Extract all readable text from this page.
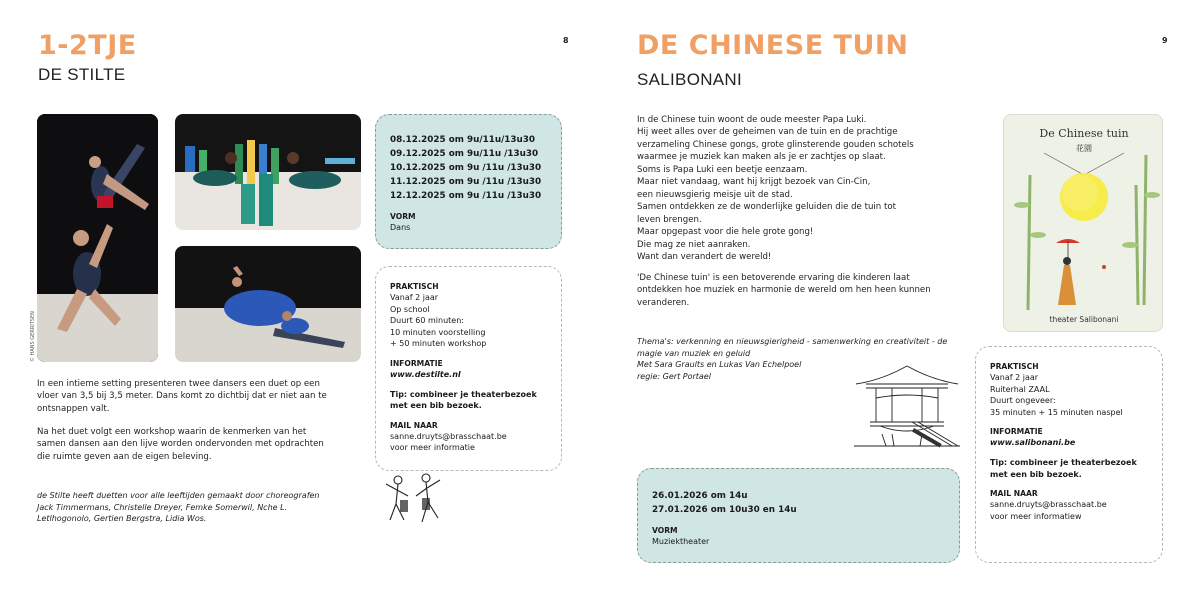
1-2TJE
DE STILTE
8
© HANS GERRITSEN
08.12.2025 om 9u/11u/13u30
09.12.2025 om 9u/11u /13u30
10.12.2025 om 9u /11u /13u30
11.12.2025 om 9u /11u /13u30
12.12.2025 om 9u /11u /13u30
VORM
Dans
PRAKTISCH
Vanaf 2 jaar
Op school
Duurt 60 minuten:
10 minuten voorstelling
+ 50 minuten workshop
INFORMATIE
www.destilte.nl
Tip: combineer je theaterbezoek met een bib bezoek.
MAIL NAAR
sanne.druyts@brasschaat.be
voor meer informatie
In een intieme setting presenteren twee dansers een duet op een vloer van 3,5 bij 3,5 meter. Dans komt zo dichtbij dat er niet aan te ontsnappen valt.
Na het duet volgt een workshop waarin de kenmerken van het samen dansen aan den lijve worden ondervonden met opdrachten die ruimte geven aan de eigen beleving.
de Stilte heeft duetten voor alle leeftijden gemaakt door choreografen Jack Timmermans, Christelle Dreyer, Femke Somerwil, Nche L. Letlhogonolo, Gertien Bergstra, Lidia Wos.
DE CHINESE TUIN
SALIBONANI
9
In de Chinese tuin woont de oude meester Papa Luki.
Hij weet alles over de geheimen van de tuin en de prachtige
verzameling Chinese gongs, grote glinsterende gouden schotels
waarmee je muziek kan maken als je er zachtjes op slaat.
Soms is Papa Luki een beetje eenzaam.
Maar niet vandaag, want hij krijgt bezoek van Cin-Cin,
een nieuwsgierig meisje uit de stad.
Samen ontdekken ze de wonderlijke geluiden die de tuin tot
leven brengen.
Maar opgepast voor die hele grote gong!
Die mag ze niet aanraken.
Want dan verandert de wereld!
'De Chinese tuin' is een betoverende ervaring die kinderen laat ontdekken hoe muziek en harmonie de wereld om hen heen kunnen veranderen.
Thema's: verkenning en nieuwsgierigheid - samenwerking en creativiteit - de magie van muziek en geluid
Met Sara Graults en Lukas Van Echelpoel
regie: Gert Portael
De Chinese tuin
花園
theater Salibonani
26.01.2026 om 14u
27.01.2026 om 10u30 en 14u
VORM
Muziektheater
PRAKTISCH
Vanaf 2 jaar
Ruiterhal ZAAL
Duurt ongeveer:
35 minuten + 15 minuten naspel
INFORMATIE
www.salibonani.be
Tip: combineer je theaterbezoek met een bib bezoek.
MAIL NAAR
sanne.druyts@brasschaat.be
voor meer informatiew
